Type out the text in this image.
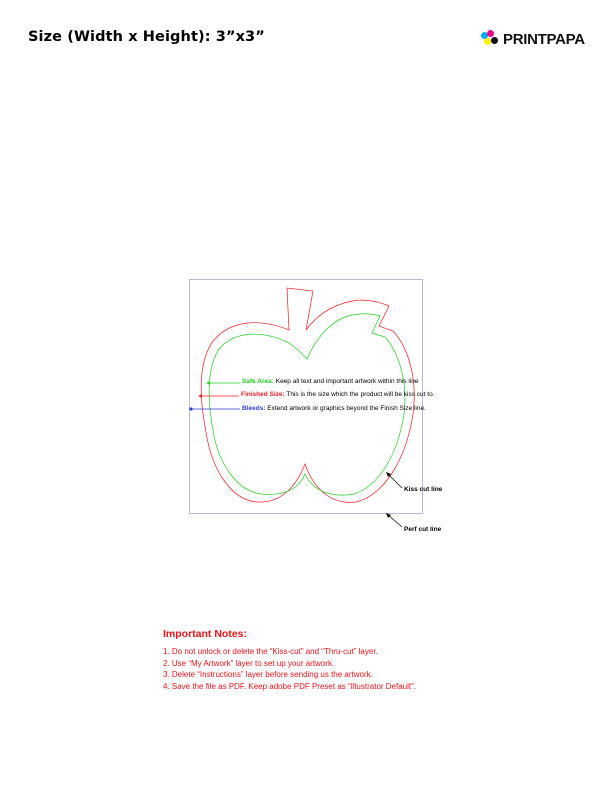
Size (Width x Height): 3”x3”	PRINTPAPA
Safe Area: Keep all text and important artwork within this line
Finished Size: This is the size which the product will be kiss cut to.
Bleeds: Extend artwork or graphics beyond the Finish Size line.
Kiss cut line
Perf cut line
Important Notes:
1. Do not unlock or delete the “Kiss-cut” and “Thru-cut” layer.
2. Use “My Artwork” layer to set up your artwork.
3. Delete “Instructions” layer before sending us the artwork.
4. Save the file as PDF. Keep adobe PDF Preset as “Illustrator Default”.
